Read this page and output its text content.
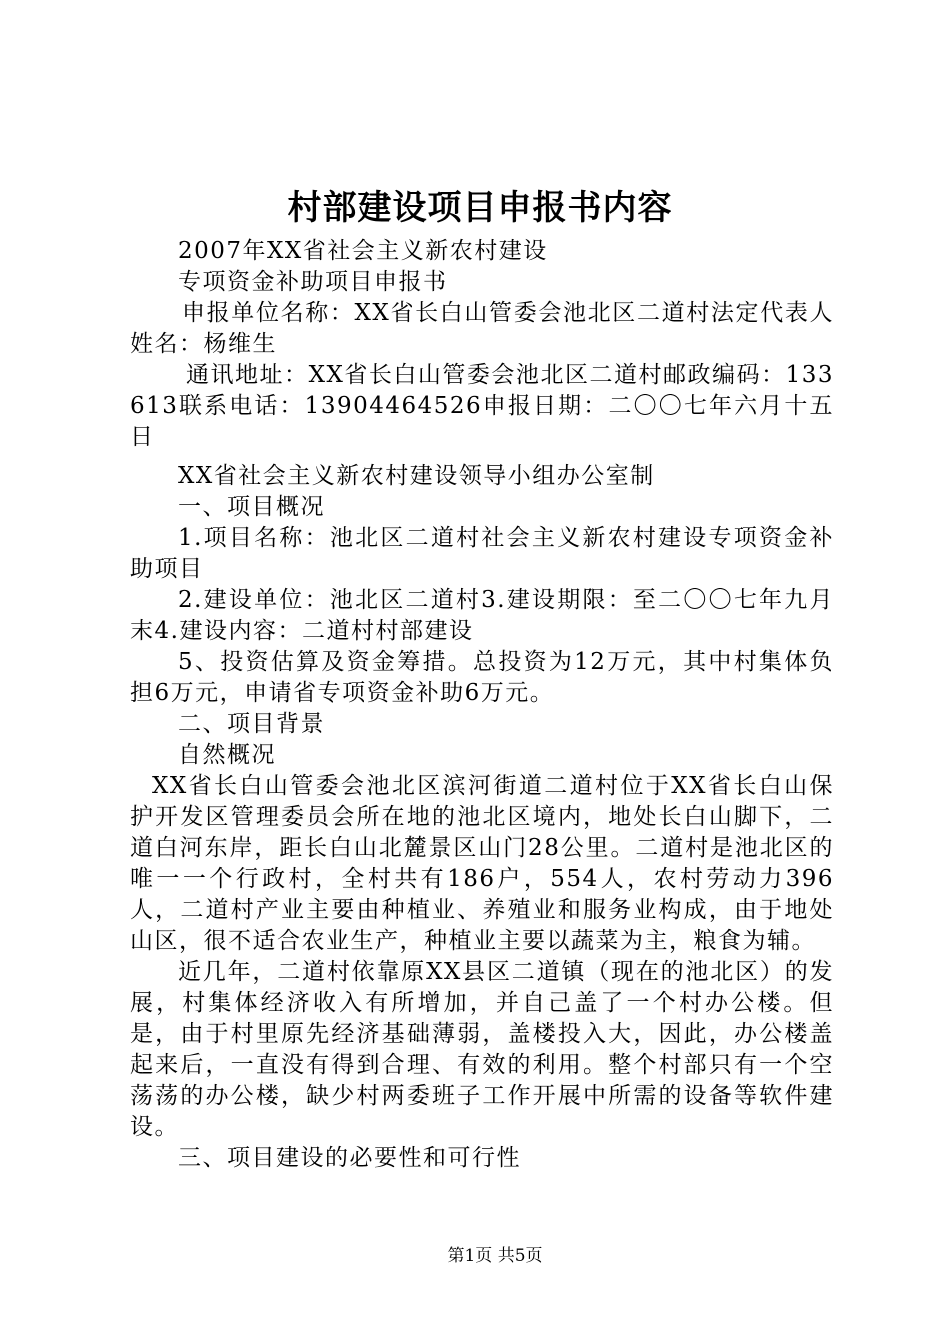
村部建设项目申报书内容

2007年XX省社会主义新农村建设

专项资金补助项目申报书

申报单位名称：XX省长白山管委会池北区二道村法定代表人姓名：杨维生

通讯地址：XX省长白山管委会池北区二道村邮政编码：133613联系电话：13904464526申报日期：二〇〇七年六月十五日

XX省社会主义新农村建设领导小组办公室制

一、项目概况

1.项目名称：池北区二道村社会主义新农村建设专项资金补助项目

2.建设单位：池北区二道村3.建设期限：至二〇〇七年九月末4.建设内容：二道村村部建设

5、投资估算及资金筹措。总投资为12万元，其中村集体负担6万元，申请省专项资金补助6万元。

二、项目背景

自然概况

XX省长白山管委会池北区滨河街道二道村位于XX省长白山保护开发区管理委员会所在地的池北区境内，地处长白山脚下，二道白河东岸，距长白山北麓景区山门28公里。二道村是池北区的唯一一个行政村，全村共有186户，554人，农村劳动力396人，二道村产业主要由种植业、养殖业和服务业构成，由于地处山区，很不适合农业生产，种植业主要以蔬菜为主，粮食为辅。

近几年，二道村依靠原XX县区二道镇（现在的池北区）的发展，村集体经济收入有所增加，并自己盖了一个村办公楼。但是，由于村里原先经济基础薄弱，盖楼投入大，因此，办公楼盖起来后，一直没有得到合理、有效的利用。整个村部只有一个空荡荡的办公楼，缺少村两委班子工作开展中所需的设备等软件建设。

三、项目建设的必要性和可行性

第1页 共5页
